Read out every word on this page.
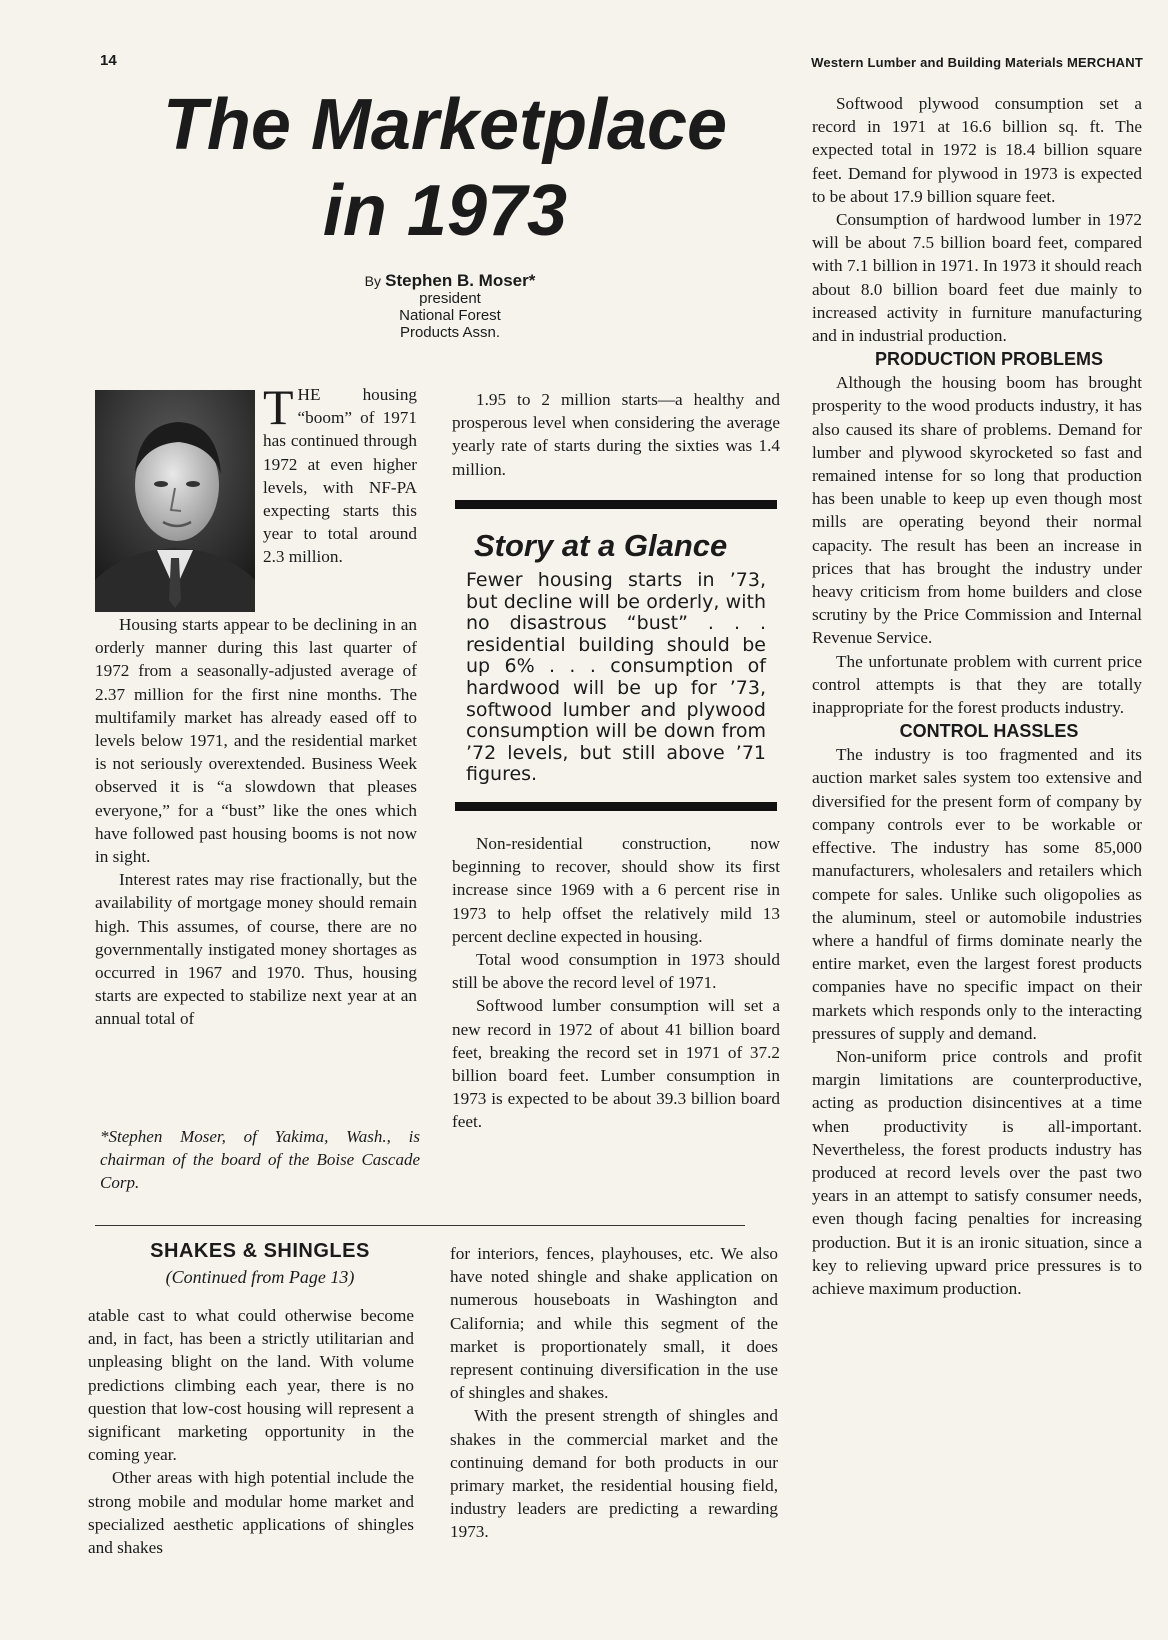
14	Western Lumber and Building Materials MERCHANT
The Marketplace
in 1973
By Stephen B. Moser*
president
National Forest
Products Assn.

THE housing “boom” of 1971 has continued through 1972 at even higher levels, with NF-PA expecting starts this year to total around 2.3 million.

Housing starts appear to be declining in an orderly manner during this last quarter of 1972 from a seasonally-adjusted average of 2.37 million for the first nine months. The multifamily market has already eased off to levels below 1971, and the residential market is not seriously overextended. Business Week observed it is “a slowdown that pleases everyone,” for a “bust” like the ones which have followed past housing booms is not now in sight.

Interest rates may rise fractionally, but the availability of mortgage money should remain high. This assumes, of course, there are no governmentally instigated money shortages as occurred in 1967 and 1970. Thus, housing starts are expected to stabilize next year at an annual total of

*Stephen Moser, of Yakima, Wash., is chairman of the board of the Boise Cascade Corp.

1.95 to 2 million starts—a healthy and prosperous level when considering the average yearly rate of starts during the sixties was 1.4 million.

Story at a Glance
Fewer housing starts in ’73, but decline will be orderly, with no disastrous “bust” . . . residential building should be up 6% . . . consumption of hardwood will be up for ’73, softwood lumber and plywood consumption will be down from ’72 levels, but still above ’71 figures.

Non-residential construction, now beginning to recover, should show its first increase since 1969 with a 6 percent rise in 1973 to help offset the relatively mild 13 percent decline expected in housing.

Total wood consumption in 1973 should still be above the record level of 1971.

Softwood lumber consumption will set a new record in 1972 of about 41 billion board feet, breaking the record set in 1971 of 37.2 billion board feet. Lumber consumption in 1973 is expected to be about 39.3 billion board feet.

Softwood plywood consumption set a record in 1971 at 16.6 billion sq. ft. The expected total in 1972 is 18.4 billion square feet. Demand for plywood in 1973 is expected to be about 17.9 billion square feet.

Consumption of hardwood lumber in 1972 will be about 7.5 billion board feet, compared with 7.1 billion in 1971. In 1973 it should reach about 8.0 billion board feet due mainly to increased activity in furniture manufacturing and in industrial production.

PRODUCTION PROBLEMS

Although the housing boom has brought prosperity to the wood products industry, it has also caused its share of problems. Demand for lumber and plywood skyrocketed so fast and remained intense for so long that production has been unable to keep up even though most mills are operating beyond their normal capacity. The result has been an increase in prices that has brought the industry under heavy criticism from home builders and close scrutiny by the Price Commission and Internal Revenue Service.

The unfortunate problem with current price control attempts is that they are totally inappropriate for the forest products industry.

CONTROL HASSLES

The industry is too fragmented and its auction market sales system too extensive and diversified for the present form of company by company controls ever to be workable or effective. The industry has some 85,000 manufacturers, wholesalers and retailers which compete for sales. Unlike such oligopolies as the aluminum, steel or automobile industries where a handful of firms dominate nearly the entire market, even the largest forest products companies have no specific impact on their markets which responds only to the interacting pressures of supply and demand.

Non-uniform price controls and profit margin limitations are counterproductive, acting as production disincentives at a time when productivity is all-important. Nevertheless, the forest products industry has produced at record levels over the past two years in an attempt to satisfy consumer needs, even though facing penalties for increasing production. But it is an ironic situation, since a key to relieving upward price pressures is to achieve maximum production.

SHAKES & SHINGLES
(Continued from Page 13)

atable cast to what could otherwise become and, in fact, has been a strictly utilitarian and unpleasing blight on the land. With volume predictions climbing each year, there is no question that low-cost housing will represent a significant marketing opportunity in the coming year.

Other areas with high potential include the strong mobile and modular home market and specialized aesthetic applications of shingles and shakes

for interiors, fences, playhouses, etc. We also have noted shingle and shake application on numerous houseboats in Washington and California; and while this segment of the market is proportionately small, it does represent continuing diversification in the use of shingles and shakes.

With the present strength of shingles and shakes in the commercial market and the continuing demand for both products in our primary market, the residential housing field, industry leaders are predicting a rewarding 1973.
